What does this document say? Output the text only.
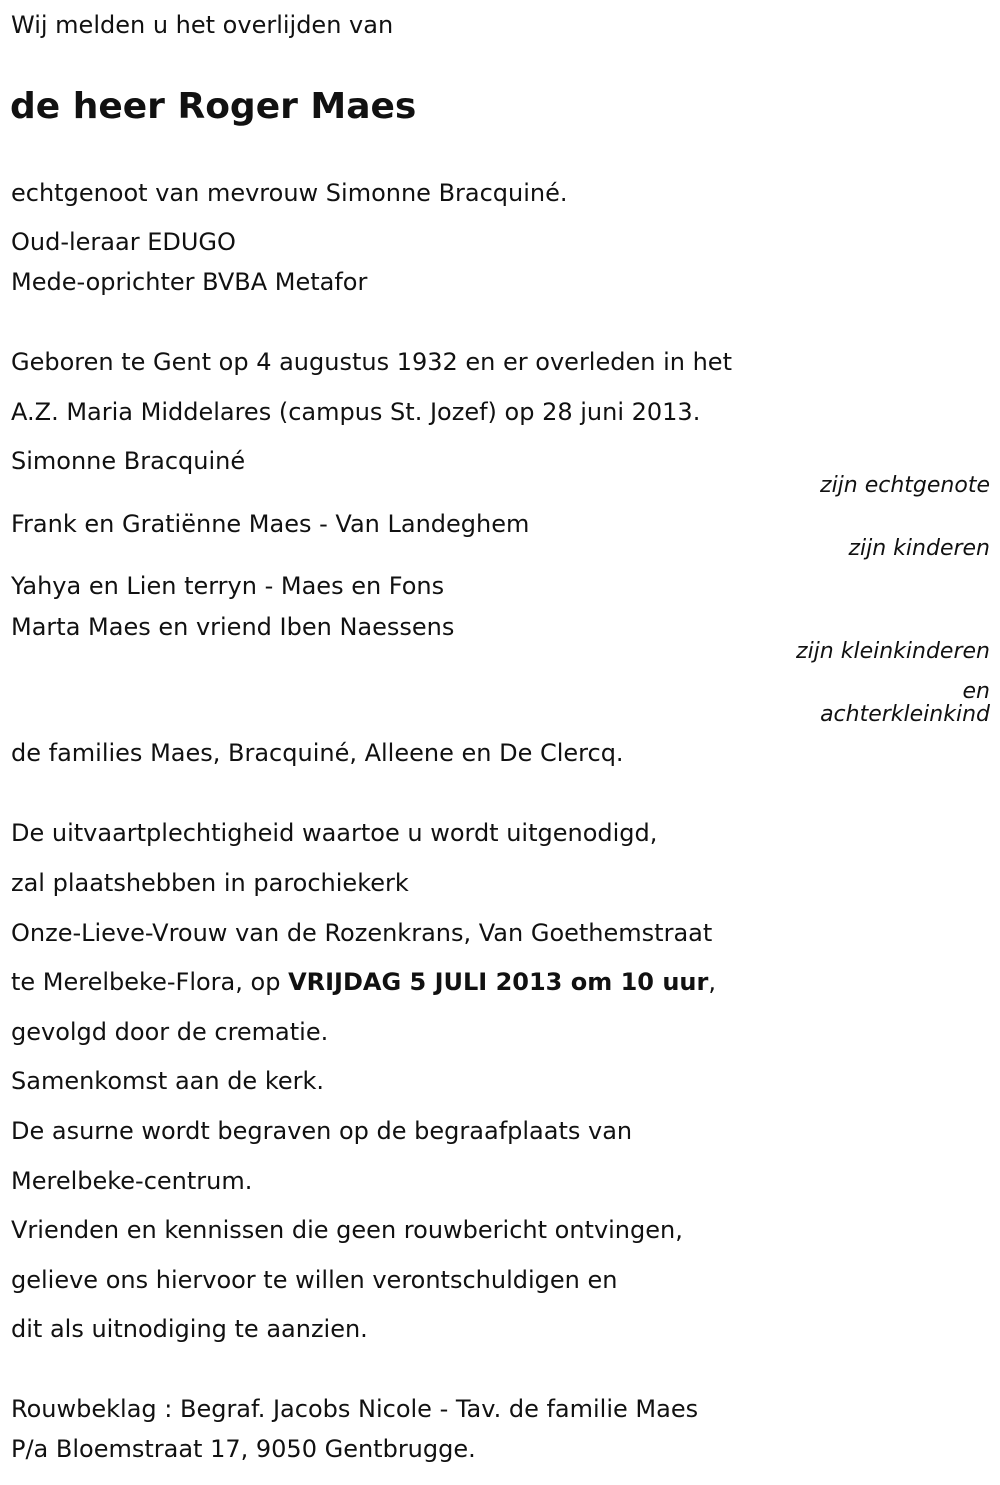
Wij melden u het overlijden van

de heer Roger Maes

echtgenoot van mevrouw Simonne Bracquiné.

Oud-leraar EDUGO

Mede-oprichter BVBA Metafor

Geboren te Gent op 4 augustus 1932 en er overleden in het

A.Z. Maria Middelares (campus St. Jozef) op 28 juni 2013.

Simonne Bracquiné

zijn echtgenote

Frank en Gratiënne Maes - Van Landeghem

zijn kinderen

Yahya en Lien terryn - Maes en Fons

Marta Maes en vriend Iben Naessens

zijn kleinkinderen

en

achterkleinkind

de families Maes, Bracquiné, Alleene en De Clercq.

De uitvaartplechtigheid waartoe u wordt uitgenodigd,

zal plaatshebben in parochiekerk

Onze-Lieve-Vrouw van de Rozenkrans, Van Goethemstraat

te Merelbeke-Flora, op VRIJDAG 5 JULI 2013 om 10 uur,

gevolgd door de crematie.

Samenkomst aan de kerk.

De asurne wordt begraven op de begraafplaats van

Merelbeke-centrum.

Vrienden en kennissen die geen rouwbericht ontvingen,

gelieve ons hiervoor te willen verontschuldigen en

dit als uitnodiging te aanzien.

Rouwbeklag : Begraf. Jacobs Nicole - Tav. de familie Maes

P/a Bloemstraat 17, 9050 Gentbrugge.
